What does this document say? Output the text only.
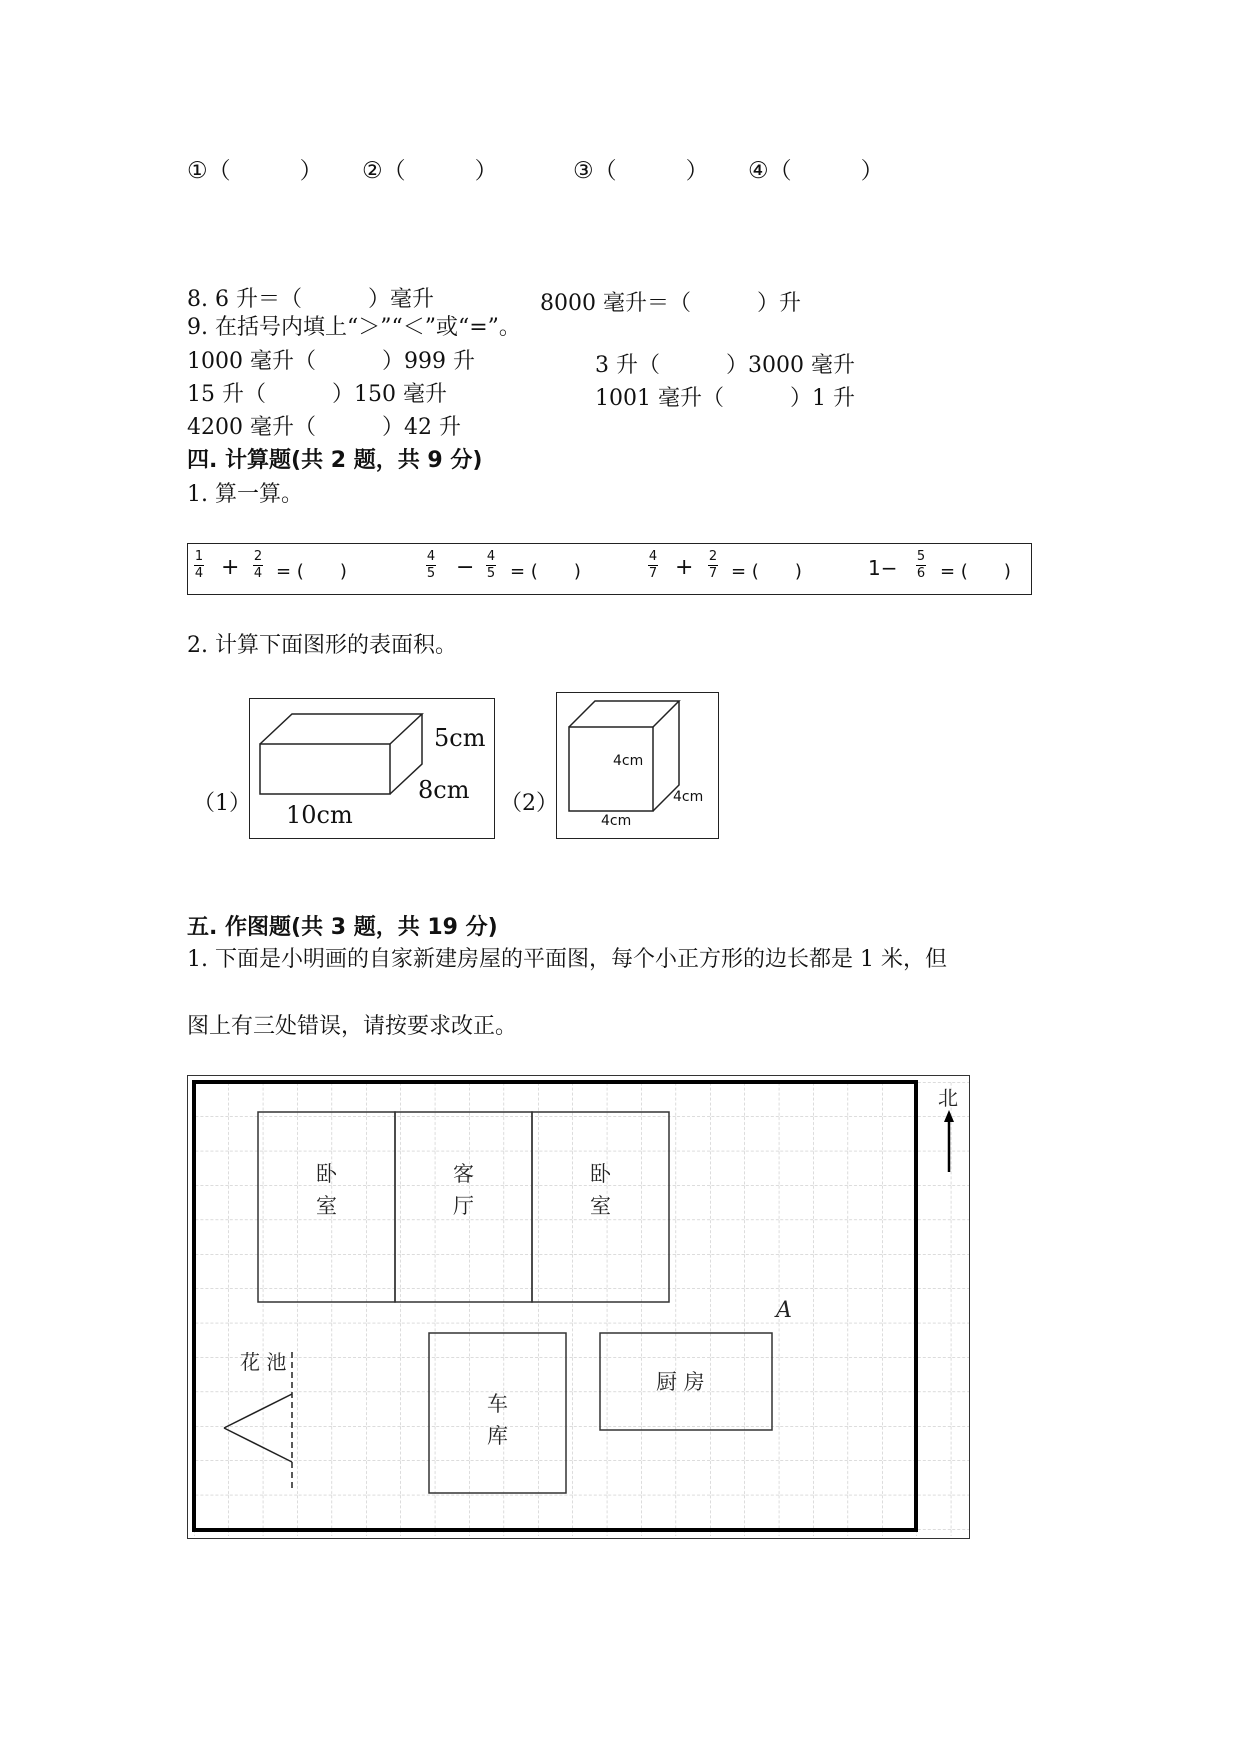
①（　　　） ②（　　　）	③（　　　） ④（　　　）
8. 6 升＝（　　　）毫升	8000 毫升＝（　　　）升
9. 在括号内填上“＞”“＜”或“=”。
1000 毫升（　　　）999 升	3 升（　　　）3000 毫升
15 升（　　　）150 毫升	1001 毫升（　　　）1 升
4200 毫升（　　　）42 升
四. 计算题(共 2 题，共 9 分)
1. 算一算。
1
4 + 2
4 = (　　)
4
5 − 4
5 = (　　)
4
7 + 2
7 = (　　)	1− 5
6 = (　　)
2. 计算下面图形的表面积。
（1）
5cm
8cm
10cm	（2）
4cm
4cm
4cm
五. 作图题(共 3 题，共 19 分)
1. 下面是小明画的自家新建房屋的平面图，每个小正方形的边长都是 1 米，但
图上有三处错误，请按要求改正。
北
卧
室
客
厅
卧
室
车
库
厨 房
花 池
A
